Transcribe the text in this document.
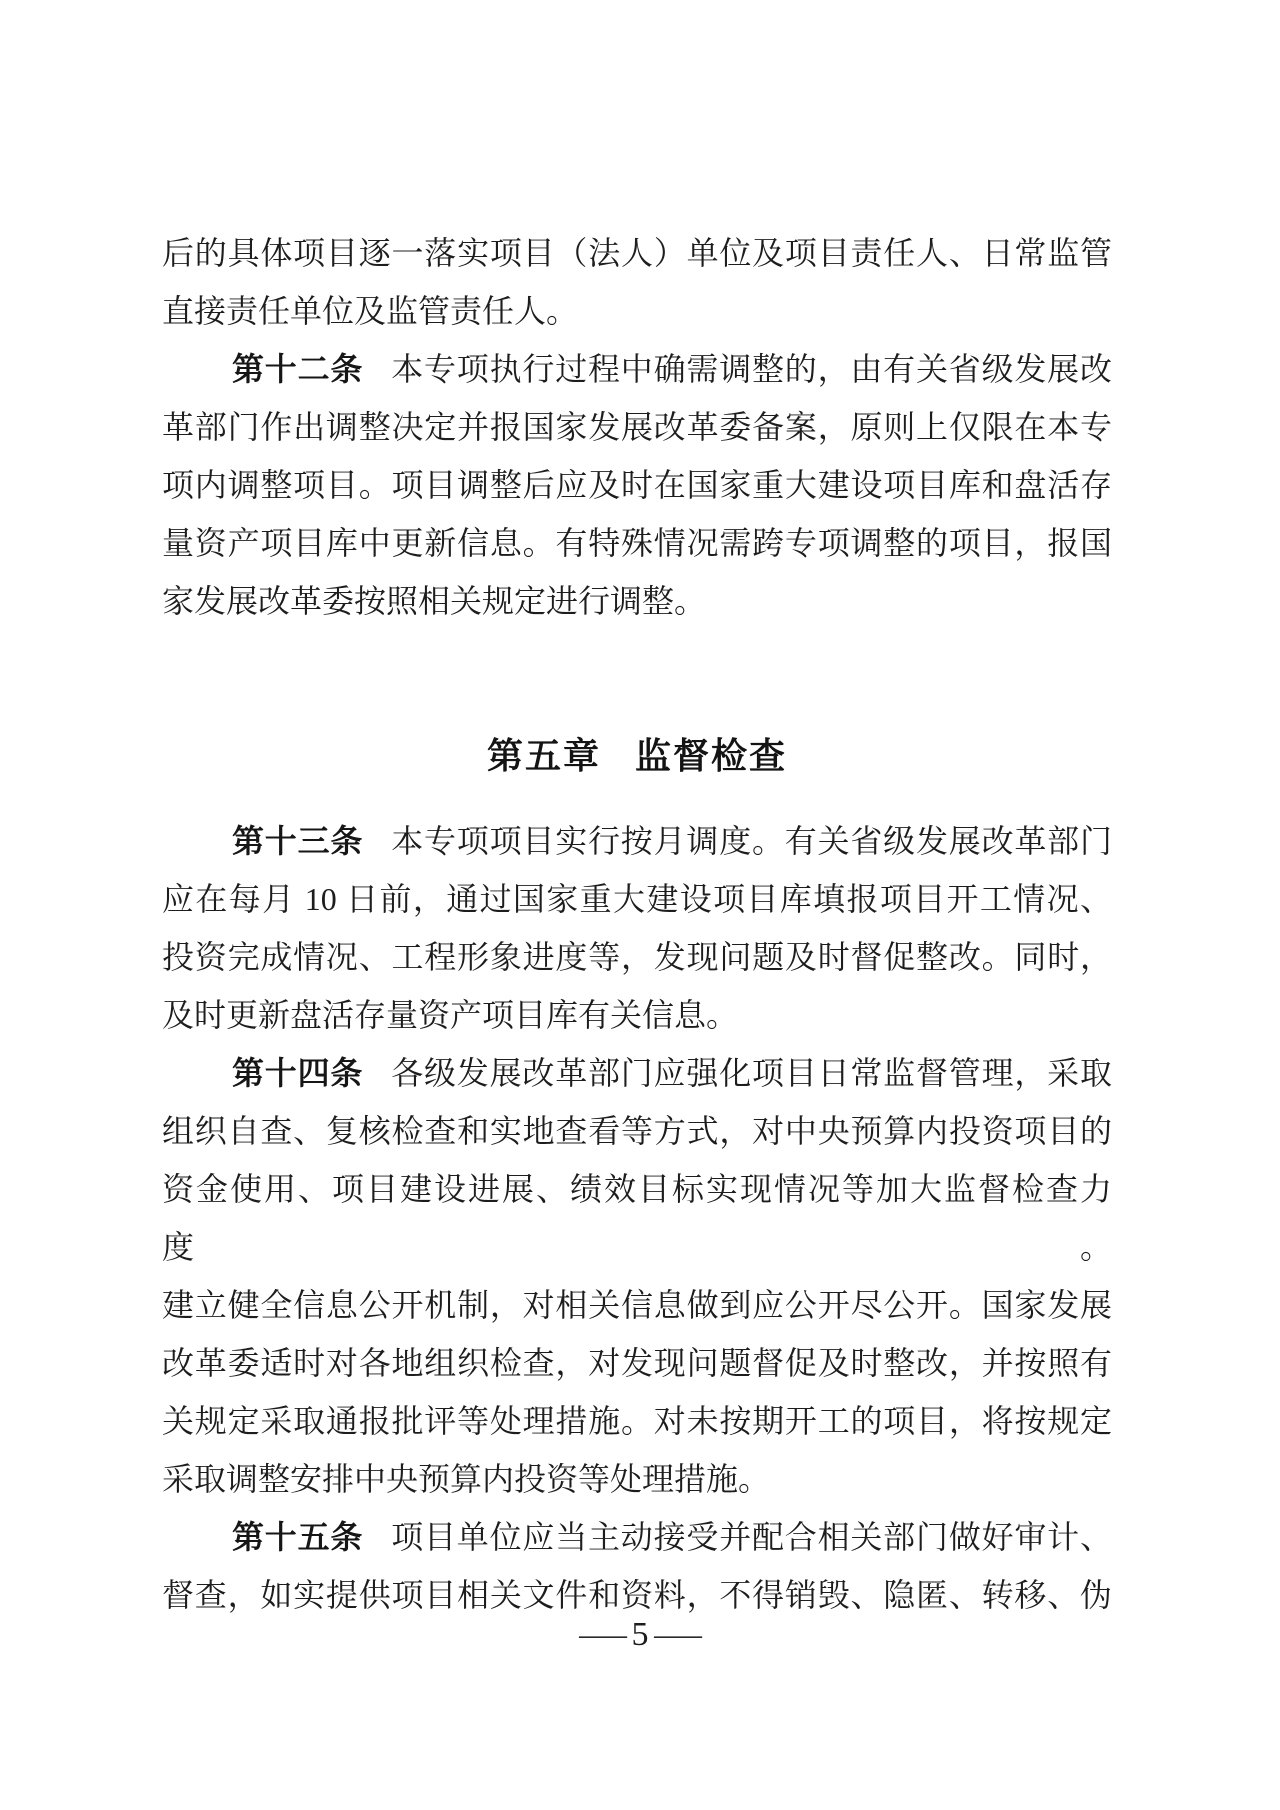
后的具体项目逐一落实项目（法人）单位及项目责任人、日常监管
直接责任单位及监管责任人。
第十二条 本专项执行过程中确需调整的，由有关省级发展改
革部门作出调整决定并报国家发展改革委备案，原则上仅限在本专
项内调整项目。项目调整后应及时在国家重大建设项目库和盘活存
量资产项目库中更新信息。有特殊情况需跨专项调整的项目，报国
家发展改革委按照相关规定进行调整。
第五章 监督检查
第十三条 本专项项目实行按月调度。有关省级发展改革部门
应在每月 10 日前，通过国家重大建设项目库填报项目开工情况、
投资完成情况、工程形象进度等，发现问题及时督促整改。同时，
及时更新盘活存量资产项目库有关信息。
第十四条 各级发展改革部门应强化项目日常监督管理，采取
组织自查、复核检查和实地查看等方式，对中央预算内投资项目的
资金使用、项目建设进展、绩效目标实现情况等加大监督检查力度。
建立健全信息公开机制，对相关信息做到应公开尽公开。国家发展
改革委适时对各地组织检查，对发现问题督促及时整改，并按照有
关规定采取通报批评等处理措施。对未按期开工的项目，将按规定
采取调整安排中央预算内投资等处理措施。
第十五条 项目单位应当主动接受并配合相关部门做好审计、
督查，如实提供项目相关文件和资料，不得销毁、隐匿、转移、伪
— 5 —
